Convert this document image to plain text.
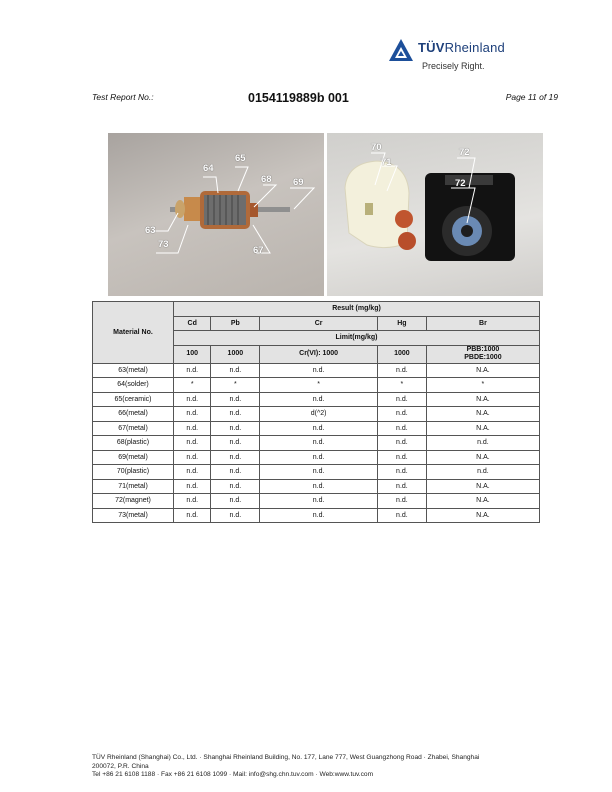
TÜVRheinland
Precisely Right.
Test Report No.:	0154119889b 001	Page 11 of 19
64
65
68 69
63
73
67
70
71
72
72
Material No.	Result (mg/kg)				
	Cd	Pb	Cr	Hg	Br
	Limit(mg/kg)				
	100	1000	Cr(VI): 1000	1000	PBB:1000
PBDE:1000
63(metal)	n.d.	n.d.	n.d.	n.d.	N.A.
64(solder)	*	*	*	*	*
65(ceramic)	n.d.	n.d.	n.d.	n.d.	N.A.
66(metal)	n.d.	n.d.	d(^2)	n.d.	N.A.
67(metal)	n.d.	n.d.	n.d.	n.d.	N.A.
68(plastic)	n.d.	n.d.	n.d.	n.d.	n.d.
69(metal)	n.d.	n.d.	n.d.	n.d.	N.A.
70(plastic)	n.d.	n.d.	n.d.	n.d.	n.d.
71(metal)	n.d.	n.d.	n.d.	n.d.	N.A.
72(magnet)	n.d.	n.d.	n.d.	n.d.	N.A.
73(metal)	n.d.	n.d.	n.d.	n.d.	N.A.
TÜV Rheinland (Shanghai) Co., Ltd. · Shanghai Rheinland Building, No. 177, Lane 777, West Guangzhong Road · Zhabei, Shanghai
200072, P.R. China
Tel +86 21 6108 1188 · Fax +86 21 6108 1099 · Mail: info@shg.chn.tuv.com · Web:www.tuv.com
